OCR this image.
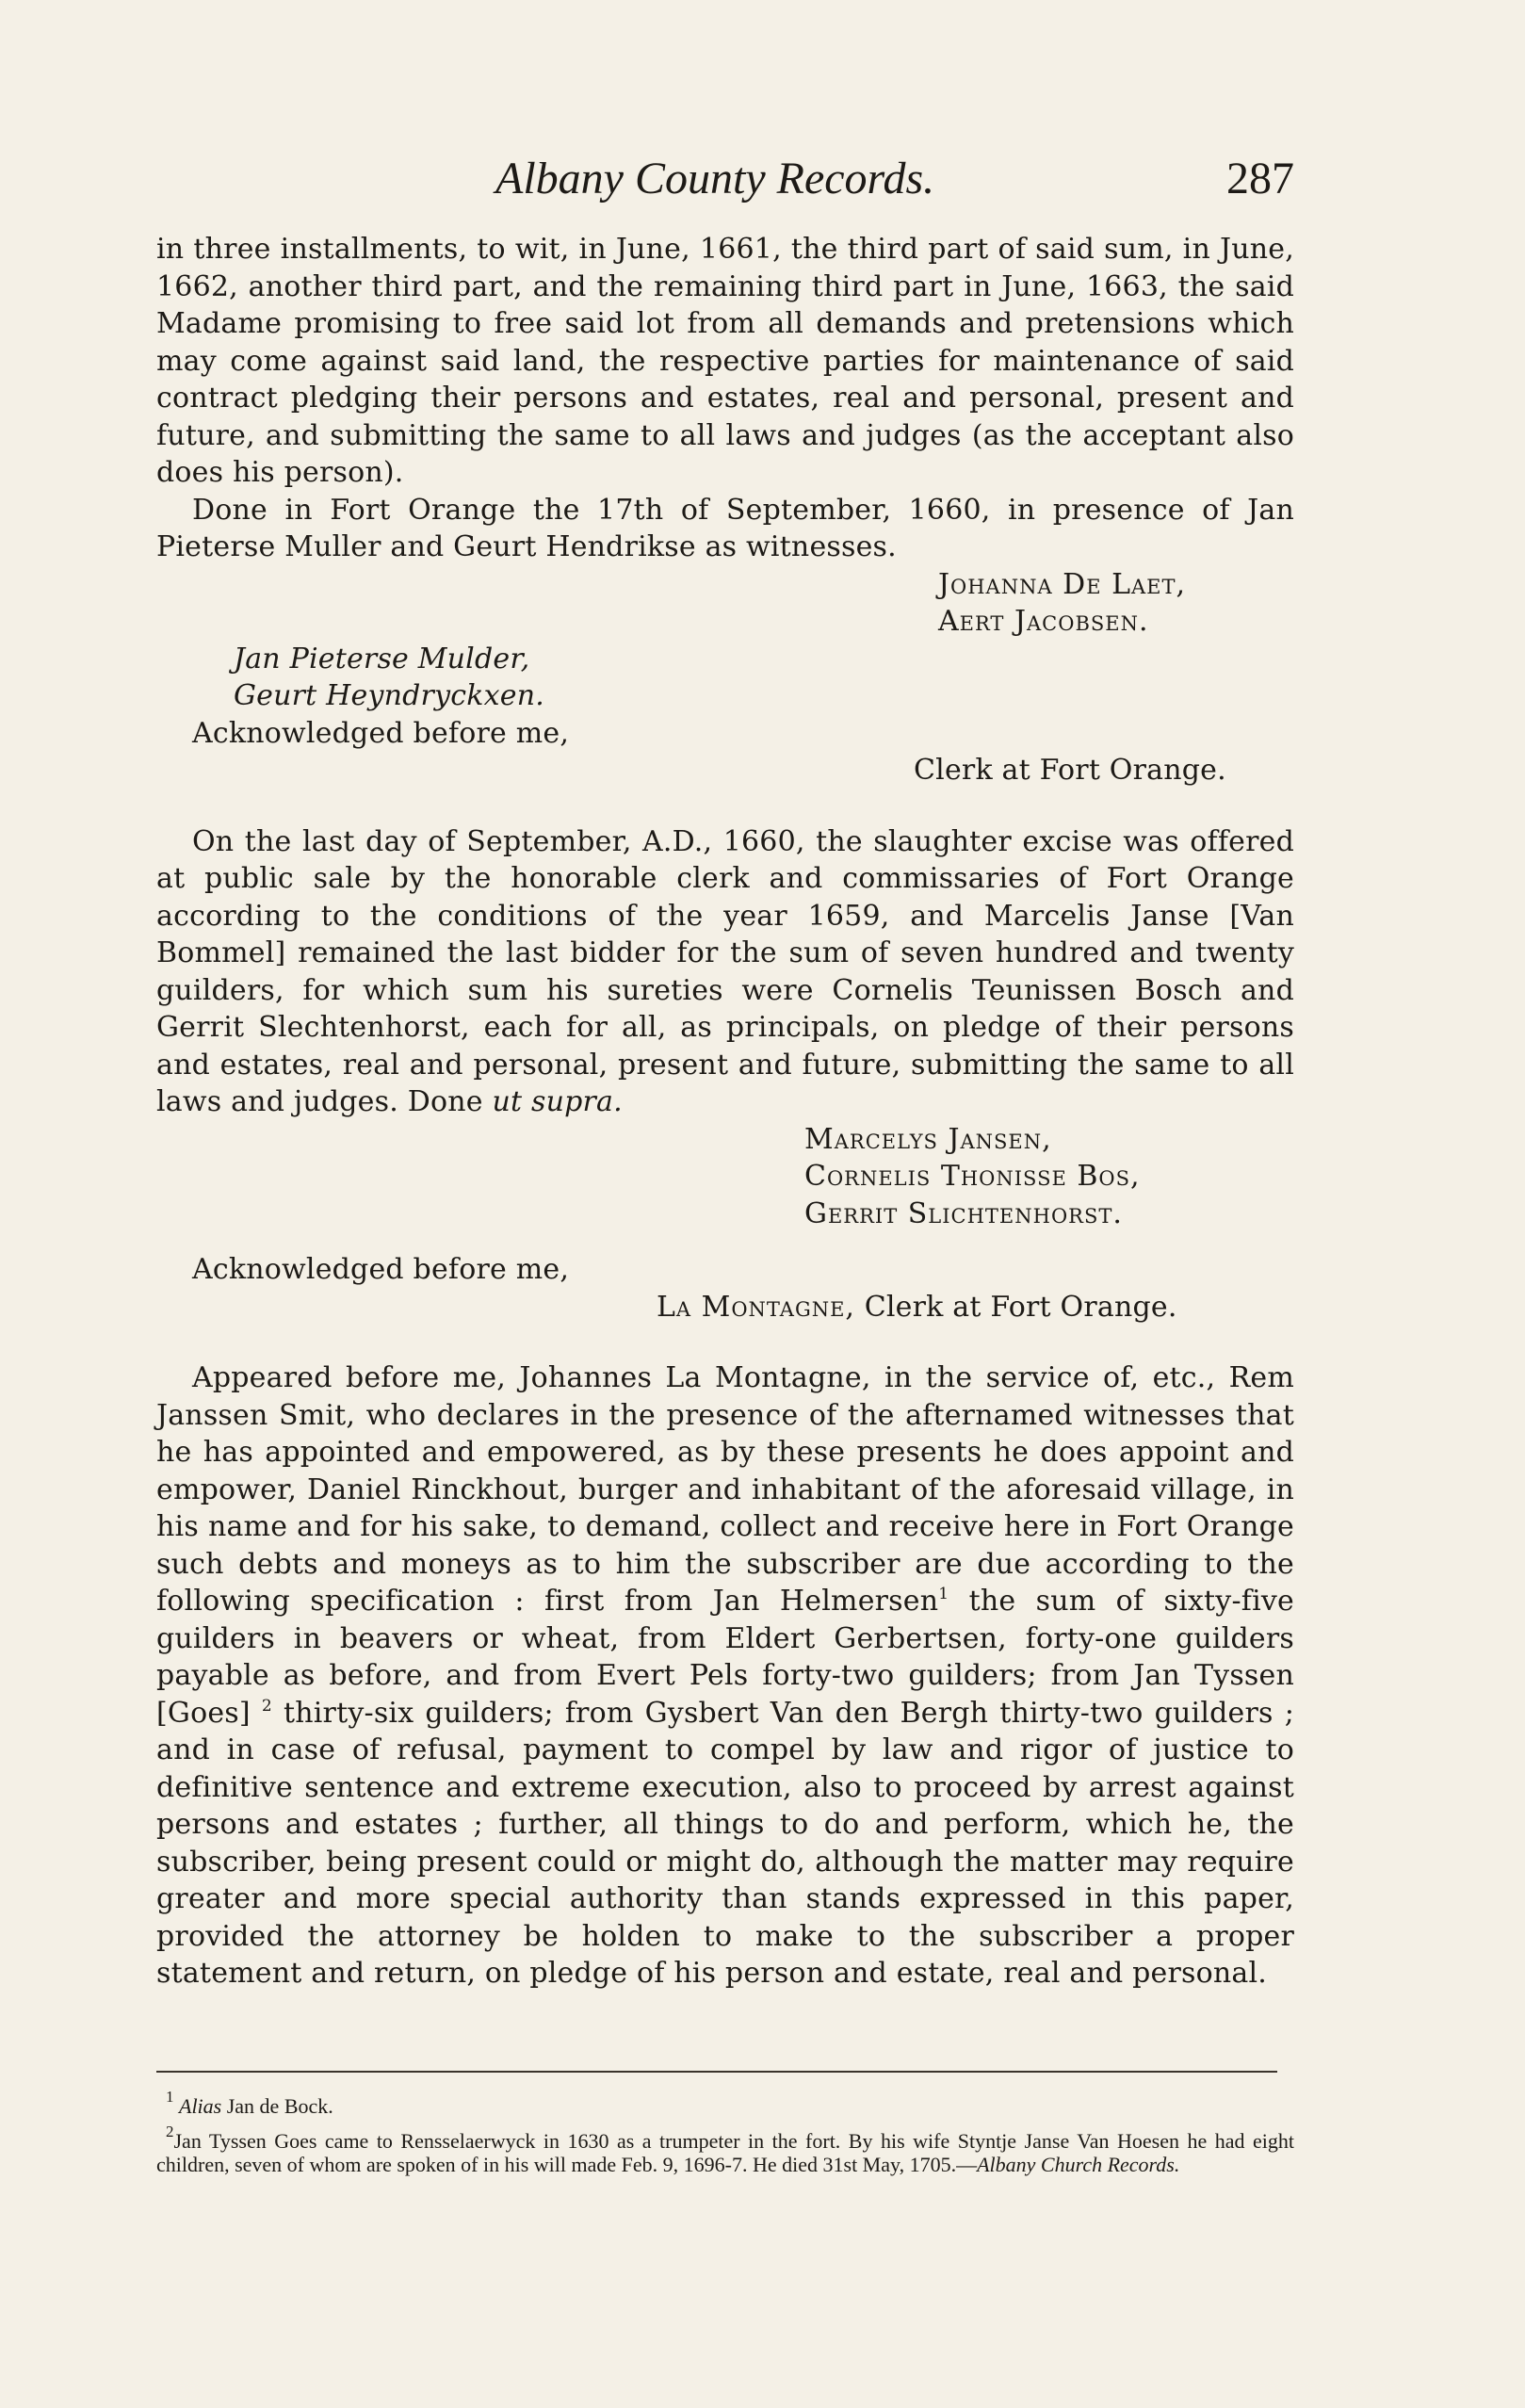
Albany County Records.	287

in three installments, to wit, in June, 1661, the third part of said sum, in June, 1662, another third part, and the remaining third part in June, 1663, the said Madame promising to free said lot from all demands and pretensions which may come against said land, the respective parties for maintenance of said contract pledging their persons and estates, real and personal, present and future, and submitting the same to all laws and judges (as the acceptant also does his person).

Done in Fort Orange the 17th of September, 1660, in presence of Jan Pieterse Muller and Geurt Hendrikse as witnesses.

Johanna De Laet,
Aert Jacobsen.
Jan Pieterse Mulder,
Geurt Heyndryckxen.
Acknowledged before me,
Clerk at Fort Orange.

On the last day of September, A.D., 1660, the slaughter excise was offered at public sale by the honorable clerk and commissaries of Fort Orange according to the conditions of the year 1659, and Marcelis Janse [Van Bommel] remained the last bidder for the sum of seven hundred and twenty guilders, for which sum his sureties were Cornelis Teunissen Bosch and Gerrit Slechtenhorst, each for all, as principals, on pledge of their persons and estates, real and personal, present and future, submitting the same to all laws and judges. Done ut supra.

Marcelys Jansen,
Cornelis Thonisse Bos,
Gerrit Slichtenhorst.
Acknowledged before me,
La Montagne, Clerk at Fort Orange.

Appeared before me, Johannes La Montagne, in the service of, etc., Rem Janssen Smit, who declares in the presence of the afternamed witnesses that he has appointed and empowered, as by these presents he does appoint and empower, Daniel Rinckhout, burger and inhabitant of the aforesaid village, in his name and for his sake, to demand, collect and receive here in Fort Orange such debts and moneys as to him the subscriber are due according to the following specification : first from Jan Helmersen$^1$ the sum of sixty-five guilders in beavers or wheat, from Eldert Gerbertsen, forty-one guilders payable as before, and from Evert Pels forty-two guilders; from Jan Tyssen [Goes] $^2$ thirty-six guilders; from Gysbert Van den Bergh thirty-two guilders ; and in case of refusal, payment to compel by law and rigor of justice to definitive sentence and extreme execution, also to proceed by arrest against persons and estates ; further, all things to do and perform, which he, the subscriber, being present could or might do, although the matter may require greater and more special authority than stands expressed in this paper, provided the attorney be holden to make to the subscriber a proper statement and return, on pledge of his person and estate, real and personal.

$^1$ Alias Jan de Bock.

$^2$Jan Tyssen Goes came to Rensselaerwyck in 1630 as a trumpeter in the fort. By his wife Styntje Janse Van Hoesen he had eight children, seven of whom are spoken of in his will made Feb. 9, 1696-7. He died 31st May, 1705.—Albany Church Records.
